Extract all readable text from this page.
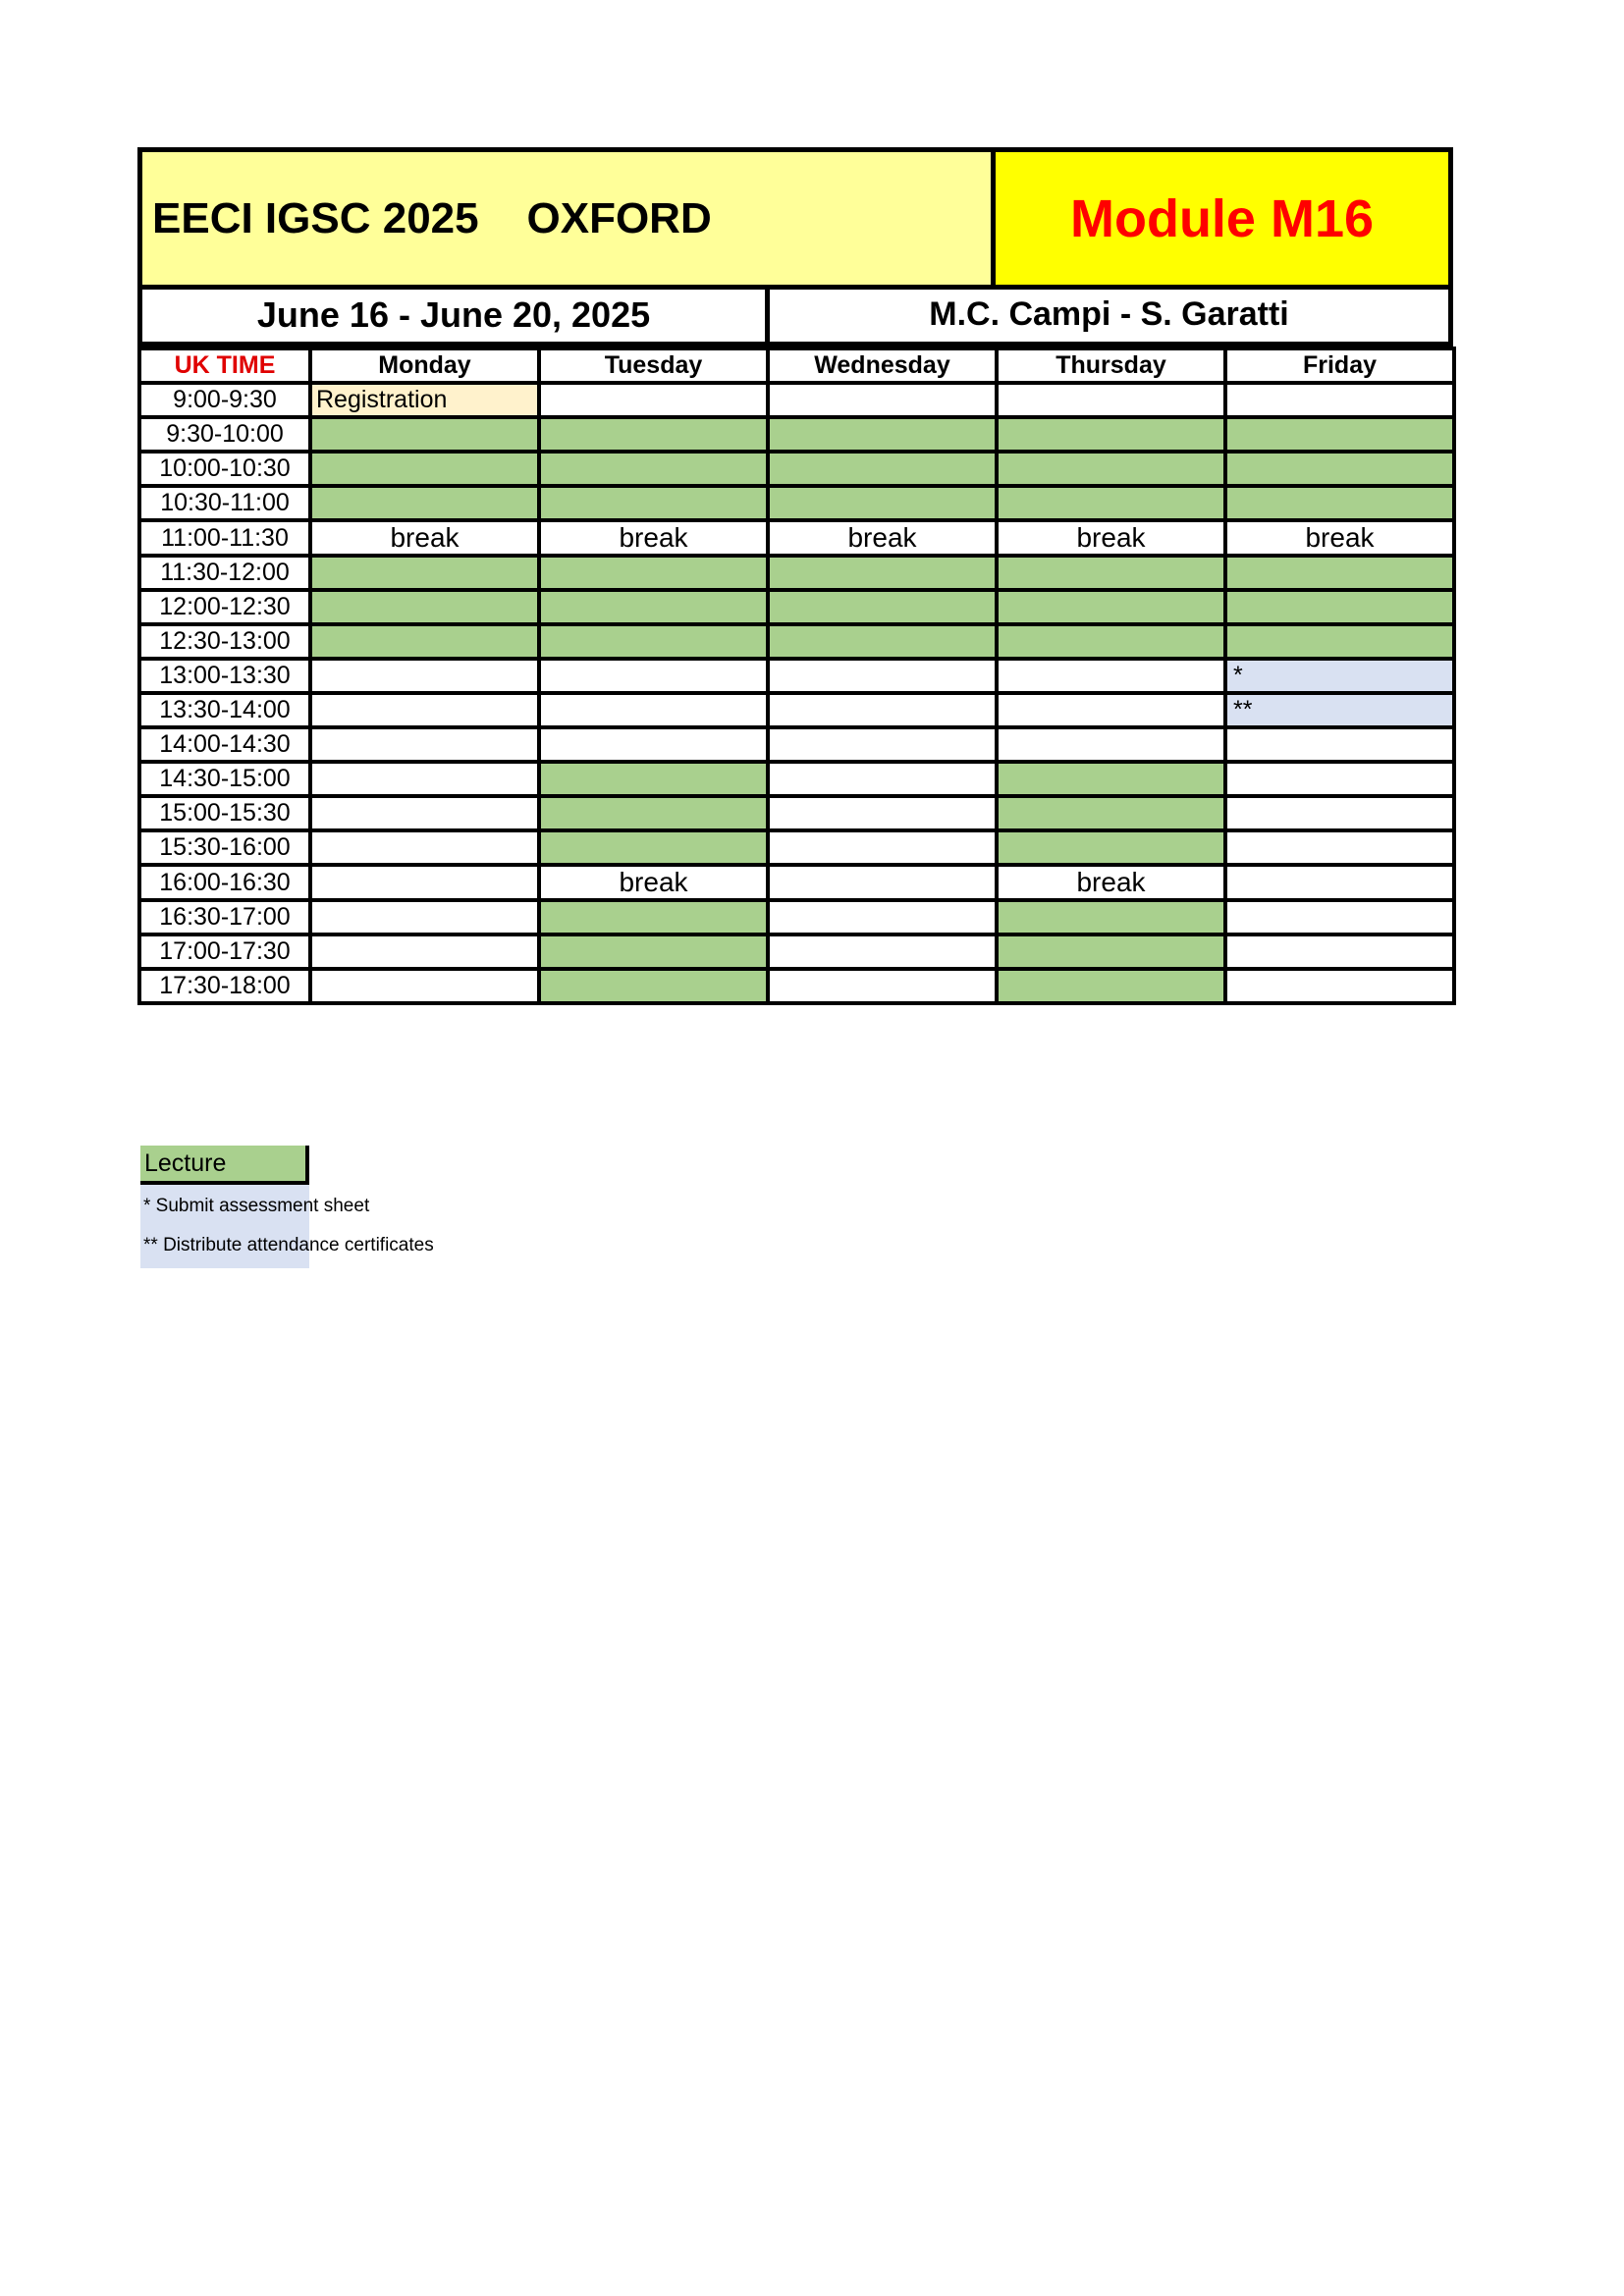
EECI IGSC 2025    OXFORD	Module M16
June 16 - June 20, 2025	M.C. Campi - S. Garatti
UK TIME	Monday	Tuesday	Wednesday	Thursday	Friday
9:00-9:30	Registration				
9:30-10:00					
10:00-10:30					
10:30-11:00					
11:00-11:30	break	break	break	break	break
11:30-12:00					
12:00-12:30					
12:30-13:00					
13:00-13:30					*
13:30-14:00					**
14:00-14:30					
14:30-15:00					
15:00-15:30					
15:30-16:00					
16:00-16:30		break		break	
16:30-17:00					
17:00-17:30					
17:30-18:00					
Lecture
* Submit assessment sheet
** Distribute attendance certificates
